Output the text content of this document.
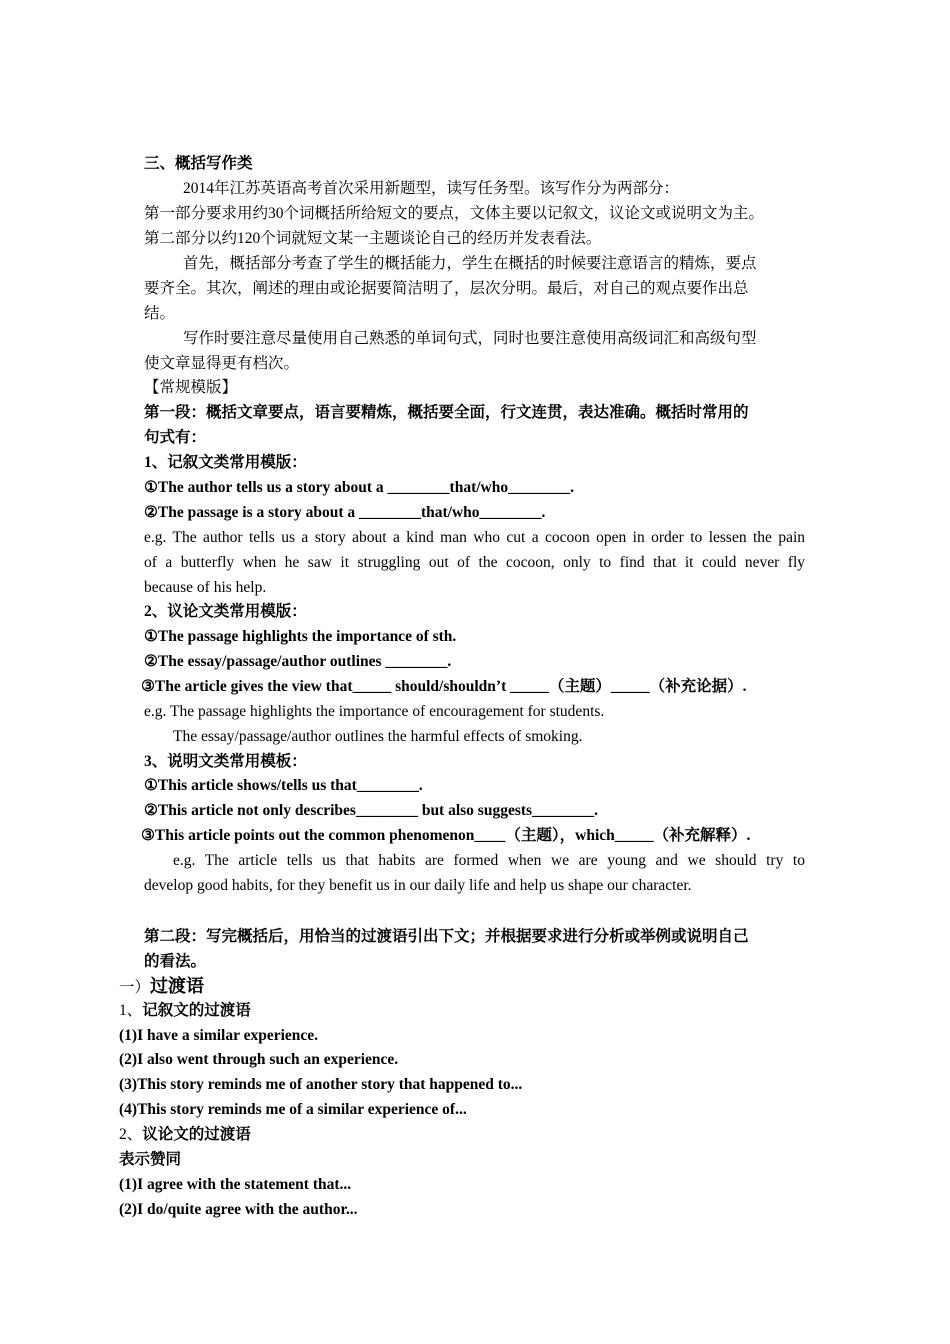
三、概括写作类
2014年江苏英语高考首次采用新题型，读写任务型。该写作分为两部分：
第一部分要求用约30个词概括所给短文的要点，文体主要以记叙文，议论文或说明文为主。
第二部分以约120个词就短文某一主题谈论自己的经历并发表看法。
首先，概括部分考查了学生的概括能力，学生在概括的时候要注意语言的精炼，要点
要齐全。其次，阐述的理由或论据要简洁明了，层次分明。最后，对自己的观点要作出总
结。
写作时要注意尽量使用自己熟悉的单词句式，同时也要注意使用高级词汇和高级句型
使文章显得更有档次。
【常规模版】
第一段：概括文章要点，语言要精炼，概括要全面，行文连贯，表达准确。概括时常用的
句式有：
1、记叙文类常用模版：
①The author tells us a story about a ________that/who________.
②The passage is a story about a ________that/who________.
e.g. The author tells us a story about a kind man who cut a cocoon open in order to lessen the pain
of a butterfly when he saw it struggling out of the cocoon, only to find that it could never fly
because of his help.
2、议论文类常用模版：
①The passage highlights the importance of sth.
②The essay/passage/author outlines ________.
③The article gives the view that_____ should/shouldn’t _____（主题）_____（补充论据）.
e.g. The passage highlights the importance of encouragement for students.
The essay/passage/author outlines the harmful effects of smoking.
3、说明文类常用模板：
①This article shows/tells us that________.
②This article not only describes________ but also suggests________.
③This article points out the common phenomenon____（主题），which_____（补充解释）.
e.g. The article tells us that habits are formed when we are young and we should try to
develop good habits, for they benefit us in our daily life and help us shape our character.
第二段：写完概括后，用恰当的过渡语引出下文；并根据要求进行分析或举例或说明自己
的看法。
一）过渡语
1、记叙文的过渡语
(1)I have a similar experience.
(2)I also went through such an experience.
(3)This story reminds me of another story that happened to...
(4)This story reminds me of a similar experience of...
2、议论文的过渡语
表示赞同
(1)I agree with the statement that...
(2)I do/quite agree with the author...
